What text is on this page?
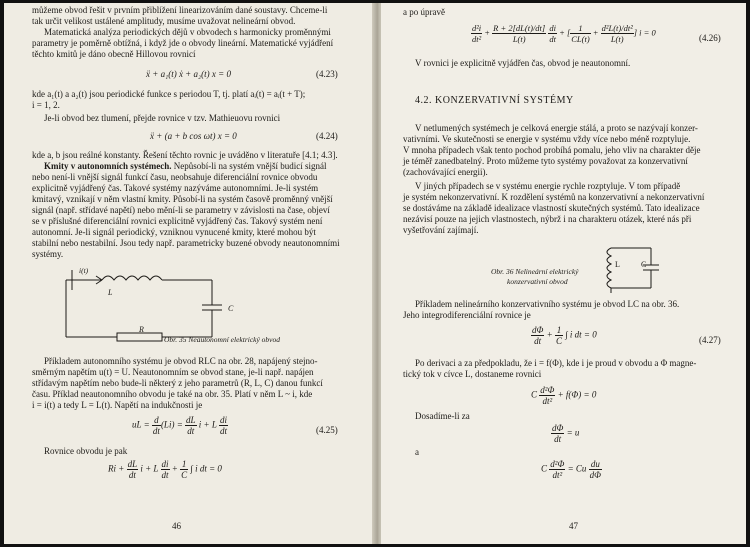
můžeme obvod řešit v prvním přiblížení linearizováním dané soustavy. Chceme-li
tak určit velikost ustálené amplitudy, musíme uvažovat nelineární obvod.
Matematická analýza periodických dějů v obvodech s harmonicky proměnnými
parametry je poměrně obtížná, i když jde o obvody lineární. Matematické vyjádření
těchto kmitů je dáno obecně Hillovou rovnicí
ẍ + a₁(t) ẋ + a₂(t) x = 0	(4.23)
kde a₁(t) a a₂(t) jsou periodické funkce s periodou T, tj. platí aᵢ(t) = aᵢ(t + T);
i = 1, 2.
Je-li obvod bez tlumení, přejde rovnice v tzv. Mathieuovu rovnici
ẍ + (a + b cos ωt) x = 0	(4.24)
kde a, b jsou reálné konstanty. Řešení těchto rovnic je uváděno v literatuře [4.1; 4.3].
Kmity v autonomních systémech. Nepůsobí-li na systém vnější budicí signál
nebo není-li vnější signál funkcí času, neobsahuje diferenciální rovnice obvodu
explicitně vyjádřený čas. Takové systémy nazýváme autonomními. Je-li systém
kmitavý, vznikají v něm vlastní kmity. Působí-li na systém časově proměnný vnější
signál (např. střídavé napětí) nebo mění-li se parametry v závislosti na čase, objeví
se v příslušné diferenciální rovnici explicitně vyjádřený čas. Takový systém není
autonomní. Je-li signál periodický, vzniknou vynucené kmity, které mohou být
stabilní nebo nestabilní. Jsou tedy např. parametricky buzené obvody neautonomními
systémy.
i(t)
L
C
R
Obr. 35 Neautonomní elektrický obvod
Příkladem autonomního systému je obvod RLC na obr. 28, napájený stejno-
směrným napětím u(t) = U. Neautonomním se obvod stane, je-li např. napájen
střídavým napětím nebo bude-li některý z jeho parametrů (R, L, C) danou funkcí
času. Příklad neautonomního obvodu je také na obr. 35. Platí v něm L ~ i, kde
i = i(t) a tedy L = L(t). Napětí na indukčnosti je
uL = $\frac{d}{dt} (Li) = \frac{dL}{dt}$ i + L $\frac{di}{dt}$	(4.25)
Rovnice obvodu je pak
$Ri + \frac{dL}{dt}$ i + L $\frac{di}{dt} + \frac{1}{C}$ ∫ i dt = 0
46
a po úpravě
$\frac{\text{d²i}}{\text{dt²}} + \frac{R + 2[dL(t)/dt]}{L(t)}$
$\frac{di}{dt}$ + [ $\frac{1}{CL(t)} + \frac{\text{d²L(t)/dt²}}{L(t)}$ ] i = 0
(4.26)
V rovnici je explicitně vyjádřen čas, obvod je neautonomní.
4.2. KONZERVATIVNÍ SYSTÉMY
V netlumených systémech je celková energie stálá, a proto se nazývají konzer-
vativními. Ve skutečnosti se energie v systému vždy více nebo méně rozptyluje.
V mnoha případech však tento pochod probíhá pomalu, jeho vliv na charakter děje
je téměř zanedbatelný. Proto můžeme tyto systémy považovat za konzervativní
(zachovávající energii).
V jiných případech se v systému energie rychle rozptyluje. V tom případě
je systém nekonzervativní. K rozdělení systémů na konzervativní a nekonzervativní
se dostáváme na základě idealizace vlastností skutečných systémů. Tato idealizace
nezávisí pouze na jejich vlastnostech, nýbrž i na charakteru otázek, které nás při
vyšetřování zajímají.
L	C
Obr. 36 Nelineární elektrický
konzervativní obvod
Příkladem nelineárního konzervativního systému je obvod LC na obr. 36.
Jeho integrodiferenciální rovnice je
$\frac{d\Phi}{dt} + \frac{1}{C}$ ∫ i dt = 0
(4.27)
Po derivaci a za předpokladu, že i = f(Φ), kde i je proud v obvodu a Φ magne-
tický tok v cívce L, dostaneme rovnici
C $\frac{\text{d²Φ}}{\text{dt²}} + f(\Phi) = 0$
Dosadíme-li za
$\frac{d\Phi}{dt} = u$
a
C $\frac{\text{d²Φ}}{\text{dt²}} = Cu \frac{du}{d\Phi}$
47
